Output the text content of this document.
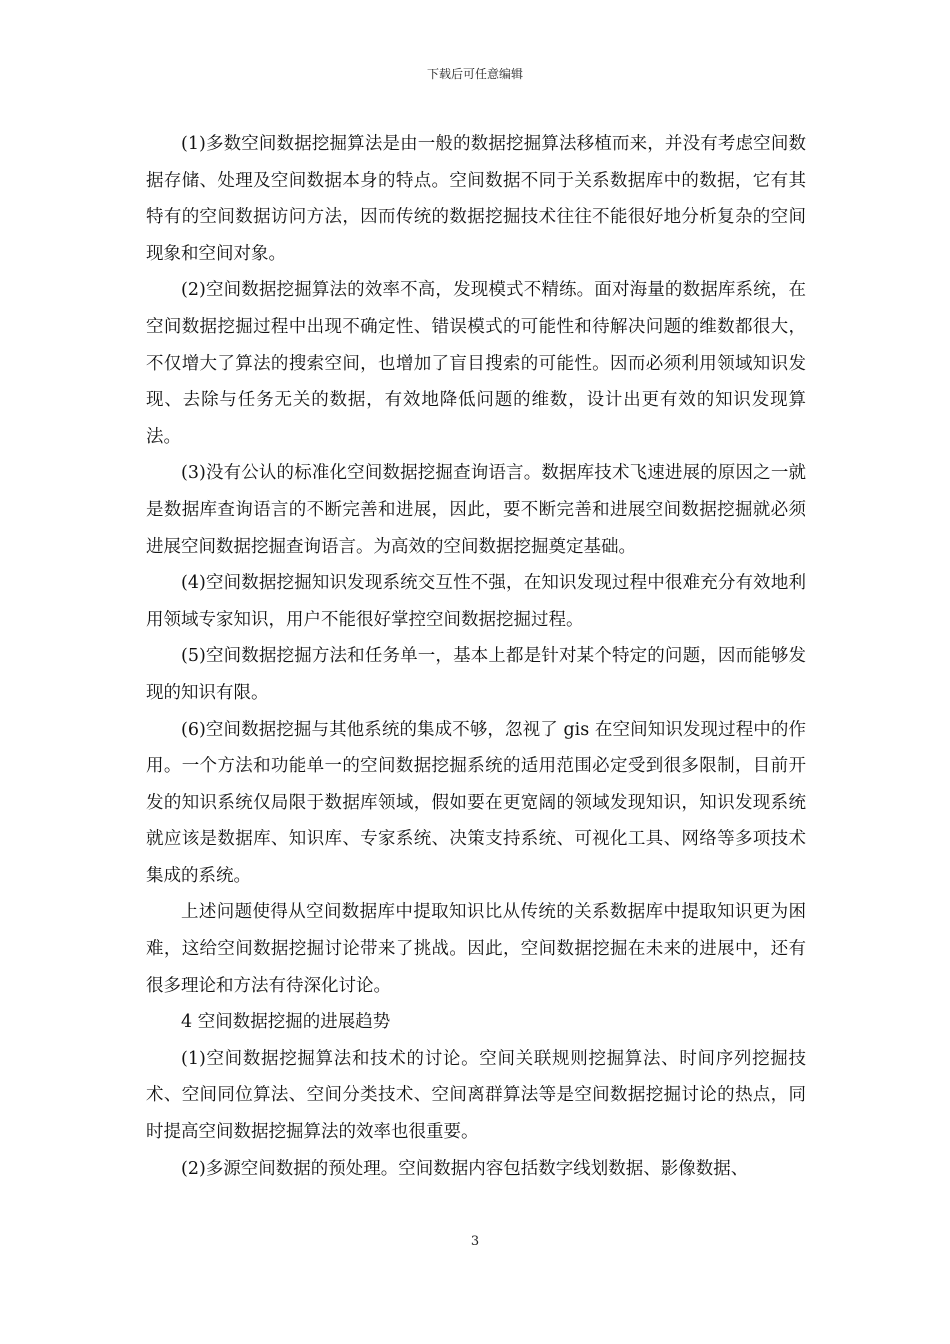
下载后可任意编辑

(1)多数空间数据挖掘算法是由一般的数据挖掘算法移植而来，并没有考虑空间数据存储、处理及空间数据本身的特点。空间数据不同于关系数据库中的数据，它有其特有的空间数据访问方法，因而传统的数据挖掘技术往往不能很好地分析复杂的空间现象和空间对象。

(2)空间数据挖掘算法的效率不高，发现模式不精练。面对海量的数据库系统，在空间数据挖掘过程中出现不确定性、错误模式的可能性和待解决问题的维数都很大，不仅增大了算法的搜索空间，也增加了盲目搜索的可能性。因而必须利用领域知识发现、去除与任务无关的数据，有效地降低问题的维数，设计出更有效的知识发现算法。

(3)没有公认的标准化空间数据挖掘查询语言。数据库技术飞速进展的原因之一就是数据库查询语言的不断完善和进展，因此，要不断完善和进展空间数据挖掘就必须进展空间数据挖掘查询语言。为高效的空间数据挖掘奠定基础。

(4)空间数据挖掘知识发现系统交互性不强，在知识发现过程中很难充分有效地利用领域专家知识，用户不能很好掌控空间数据挖掘过程。

(5)空间数据挖掘方法和任务单一，基本上都是针对某个特定的问题，因而能够发现的知识有限。

(6)空间数据挖掘与其他系统的集成不够，忽视了 gis 在空间知识发现过程中的作用。一个方法和功能单一的空间数据挖掘系统的适用范围必定受到很多限制，目前开发的知识系统仅局限于数据库领域，假如要在更宽阔的领域发现知识，知识发现系统就应该是数据库、知识库、专家系统、决策支持系统、可视化工具、网络等多项技术集成的系统。

上述问题使得从空间数据库中提取知识比从传统的关系数据库中提取知识更为困难，这给空间数据挖掘讨论带来了挑战。因此，空间数据挖掘在未来的进展中，还有很多理论和方法有待深化讨论。

4 空间数据挖掘的进展趋势

(1)空间数据挖掘算法和技术的讨论。空间关联规则挖掘算法、时间序列挖掘技术、空间同位算法、空间分类技术、空间离群算法等是空间数据挖掘讨论的热点，同时提高空间数据挖掘算法的效率也很重要。

(2)多源空间数据的预处理。空间数据内容包括数字线划数据、影像数据、

3
